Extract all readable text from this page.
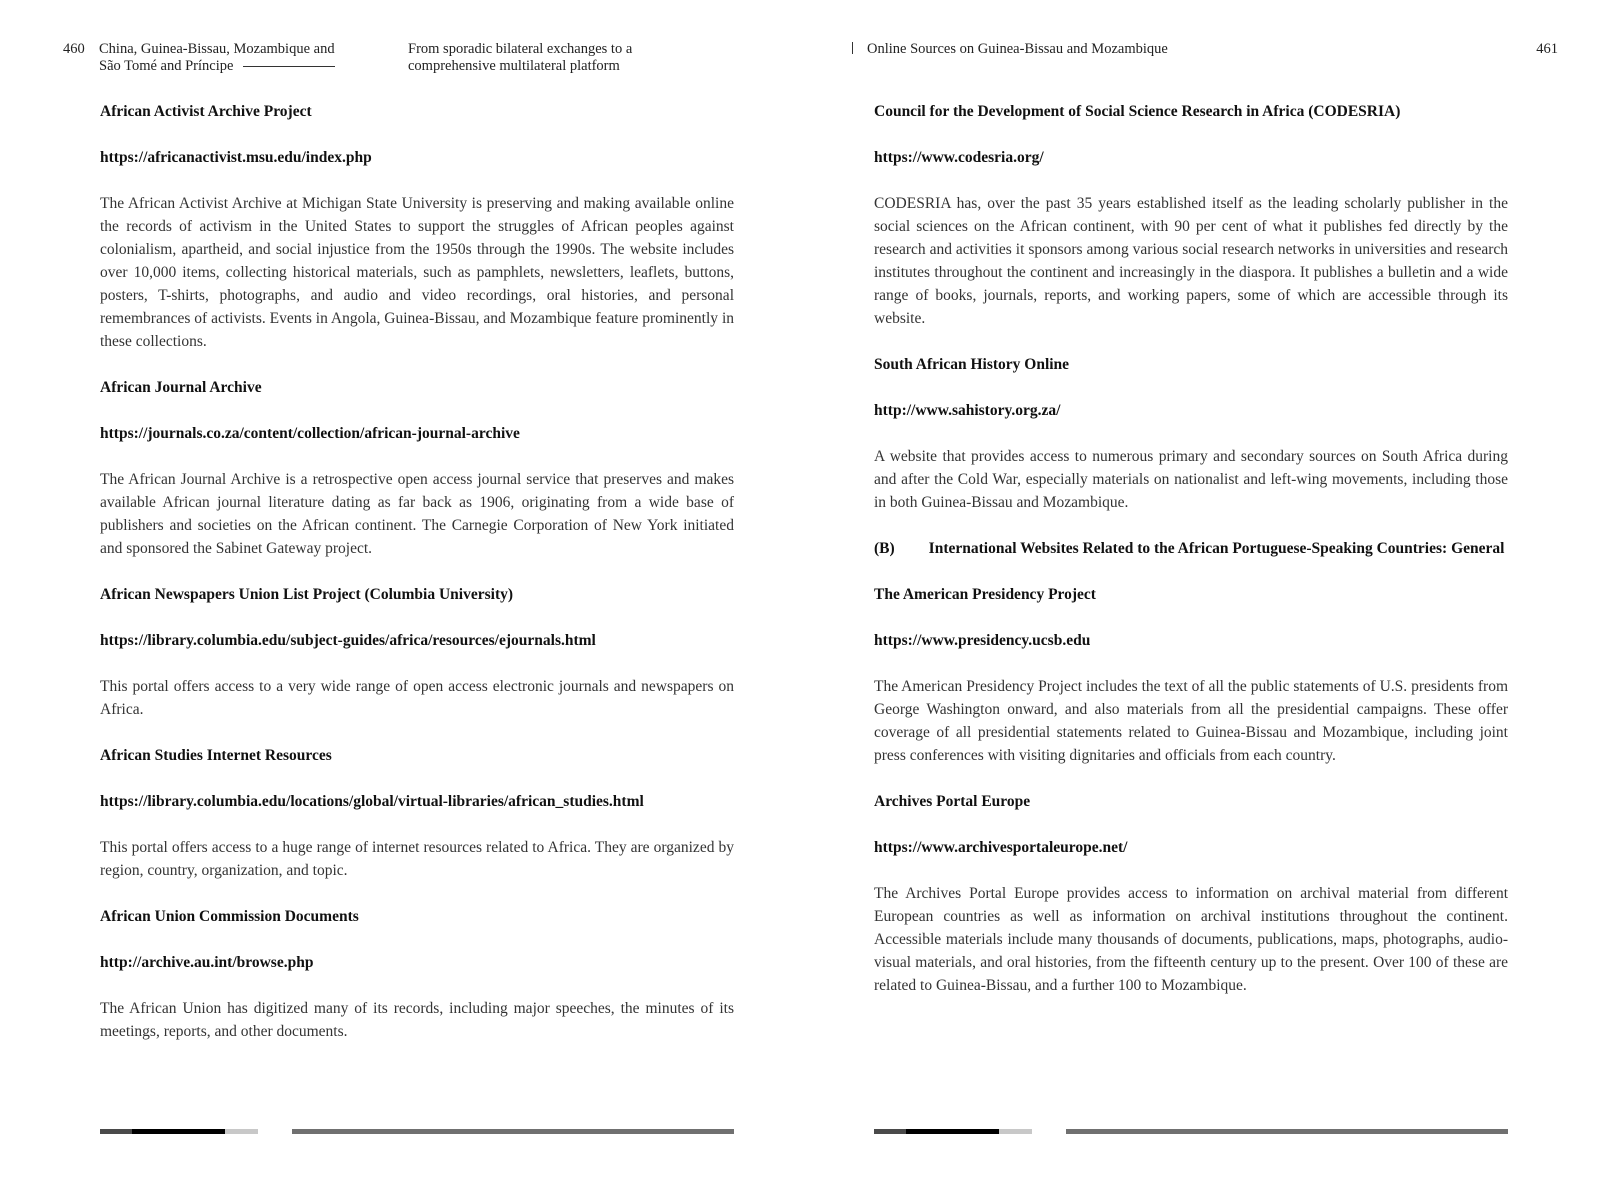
460 China, Guinea-Bissau, Mozambique and
São Tomé and Príncipe
From sporadic bilateral exchanges to a
comprehensive multilateral platform

African Activist Archive Project

https://africanactivist.msu.edu/index.php

The African Activist Archive at Michigan State University is preserving and making available online the records of activism in the United States to support the struggles of African peoples against colonialism, apartheid, and social injustice from the 1950s through the 1990s. The website includes over 10,000 items, collecting historical materials, such as pamphlets, newsletters, leaflets, buttons, posters, T-shirts, photographs, and audio and video recordings, oral histories, and personal remembrances of activists. Events in Angola, Guinea-Bissau, and Mozambique feature prominently in these collections.

African Journal Archive

https://journals.co.za/content/collection/african-journal-archive

The African Journal Archive is a retrospective open access journal service that preserves and makes available African journal literature dating as far back as 1906, originating from a wide base of publishers and societies on the African continent. The Carnegie Corporation of New York initiated and sponsored the Sabinet Gateway project.

African Newspapers Union List Project (Columbia University)

https://library.columbia.edu/subject-guides/africa/resources/ejournals.html

This portal offers access to a very wide range of open access electronic journals and newspapers on Africa.

African Studies Internet Resources

https://library.columbia.edu/locations/global/virtual-libraries/african_studies.html

This portal offers access to a huge range of internet resources related to Africa. They are organized by region, country, organization, and topic.

African Union Commission Documents

http://archive.au.int/browse.php

The African Union has digitized many of its records, including major speeches, the minutes of its meetings, reports, and other documents.

Online Sources on Guinea-Bissau and Mozambique	461

Council for the Development of Social Science Research in Africa (CODESRIA)

https://www.codesria.org/

CODESRIA has, over the past 35 years established itself as the leading scholarly publisher in the social sciences on the African continent, with 90 per cent of what it publishes fed directly by the research and activities it sponsors among various social research networks in universities and research institutes throughout the continent and increasingly in the diaspora. It publishes a bulletin and a wide range of books, journals, reports, and working papers, some of which are accessible through its website.

South African History Online

http://www.sahistory.org.za/

A website that provides access to numerous primary and secondary sources on South Africa during and after the Cold War, especially materials on nationalist and left-wing movements, including those in both Guinea-Bissau and Mozambique.

(B) International Websites Related to the African Portuguese-Speaking Countries: General

The American Presidency Project

https://www.presidency.ucsb.edu

The American Presidency Project includes the text of all the public statements of U.S. presidents from George Washington onward, and also materials from all the presidential campaigns. These offer coverage of all presidential statements related to Guinea-Bissau and Mozambique, including joint press conferences with visiting dignitaries and officials from each country.

Archives Portal Europe

https://www.archivesportaleurope.net/

The Archives Portal Europe provides access to information on archival material from different European countries as well as information on archival institutions throughout the continent. Accessible materials include many thousands of documents, publications, maps, photographs, audio-visual materials, and oral histories, from the fifteenth century up to the present. Over 100 of these are related to Guinea-Bissau, and a further 100 to Mozambique.
